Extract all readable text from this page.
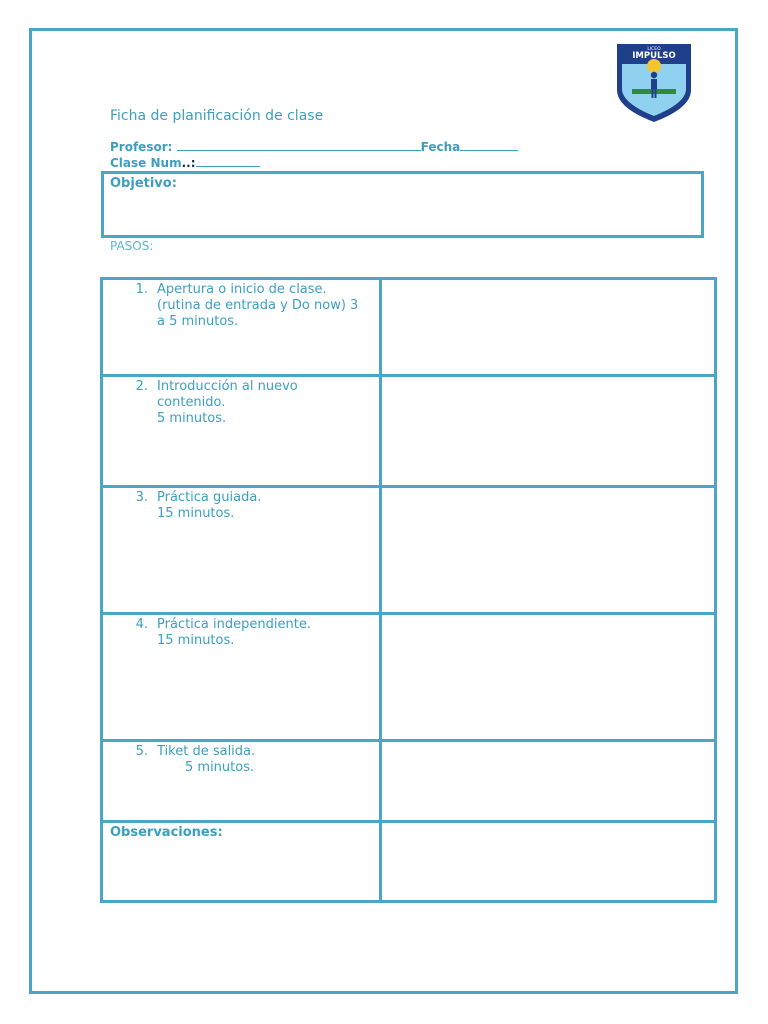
LICEO
IMPULSO
Ficha de planificación de clase
Profesor:	Fecha
Clase Num..:
Objetivo:
PASOS:
1. Apertura o inicio de clase.
(rutina de entrada y Do now) 3 a 5 minutos.	

2. Introducción al nuevo contenido.
5 minutos.	

3. Práctica guiada.
15 minutos.	

4. Práctica independiente.
15 minutos.	

5. Tiket de salida.
5 minutos.	

Observaciones:	
